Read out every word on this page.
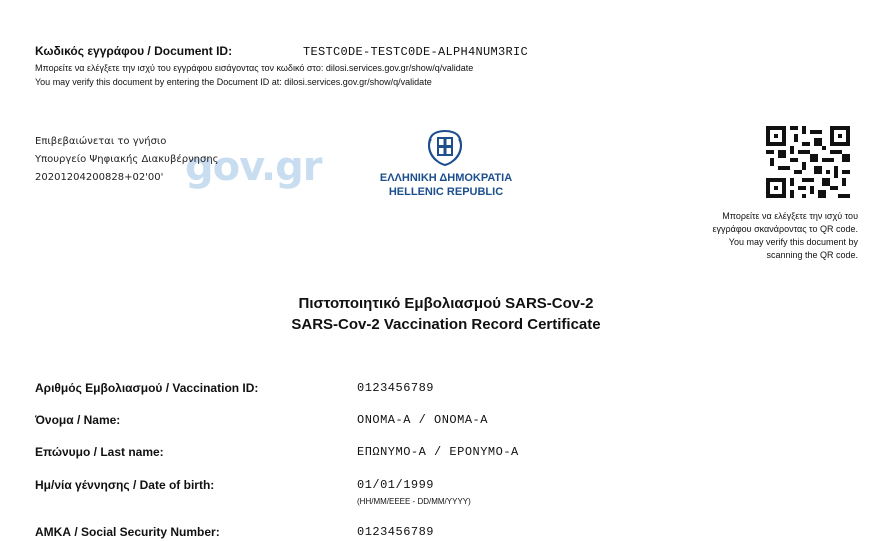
Κωδικός εγγράφου / Document ID:	TESTC0DE-TESTC0DE-ALPH4NUM3RIC
Μπορείτε να ελέγξετε την ισχύ του εγγράφου εισάγοντας τον κωδικό στο: dilosi.services.gov.gr/show/q/validate
You may verify this document by entering the Document ID at: dilosi.services.gov.gr/show/q/validate
gov.gr
Επιβεβαιώνεται το γνήσιο
Υπουργείο Ψηφιακής Διακυβέρνησης
20201204200828+02'00'	ΕΛΛΗΝΙΚΗ ΔΗΜΟΚΡΑΤΙΑ
HELLENIC REPUBLIC
Μπορείτε να ελέγξετε την ισχύ του
εγγράφου σκανάροντας το QR code.
You may verify this document by
scanning the QR code.
Πιστοποιητικό Εμβολιασμού SARS-Cov-2
SARS-Cov-2 Vaccination Record Certificate
Αριθμός Εμβολιασμού / Vaccination ID:	0123456789
Όνομα / Name:	ONOMA-A / ONOMA-A
Επώνυμο / Last name:	ΕΠΩΝΥΜΟ-Α / EPONYMO-A
Ημ/νία γέννησης / Date of birth:	01/01/1999
(HH/MM/EEEE - DD/MM/YYYY)
ΑΜΚΑ / Social Security Number:	0123456789
